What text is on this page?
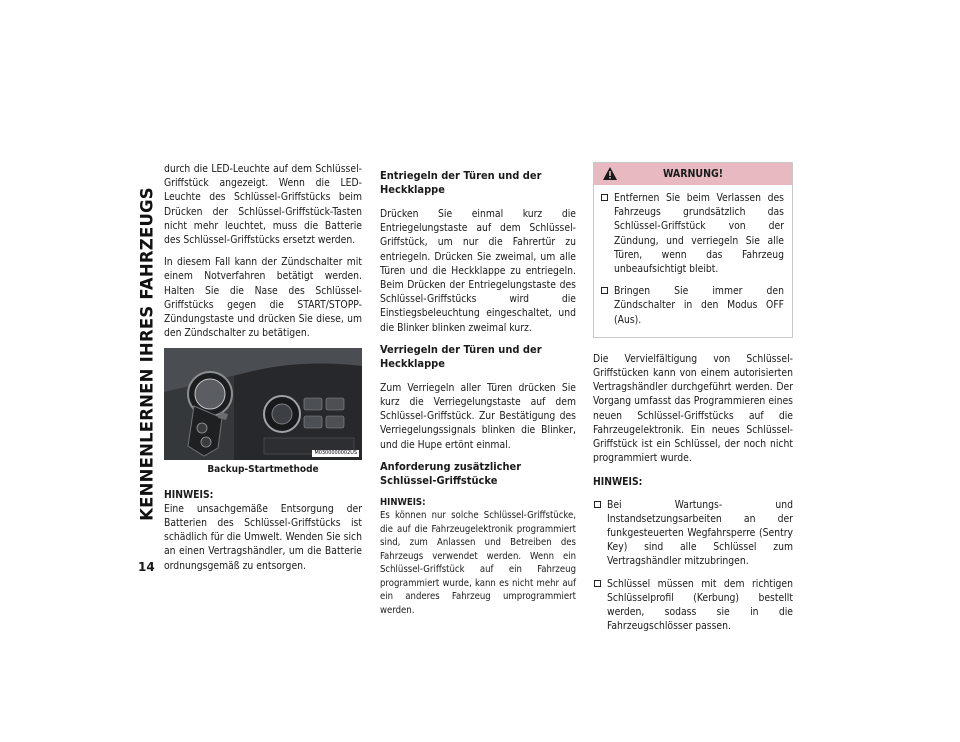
KENNENLERNEN IHRES FAHRZEUGS
14

durch die LED-Leuchte auf dem Schlüssel-Griffstück angezeigt. Wenn die LED-Leuchte des Schlüssel-Griffstücks beim Drücken der Schlüssel-Griffstück-Tasten nicht mehr leuchtet, muss die Batterie des Schlüssel-Griffstücks ersetzt werden.

In diesem Fall kann der Zündschalter mit einem Notverfahren betätigt werden. Halten Sie die Nase des Schlüssel-Griffstücks gegen die START/STOPP-Zündungstaste und drücken Sie diese, um den Zündschalter zu betätigen.

M0300000002US
Backup-Startmethode
HINWEIS:

Eine unsachgemäße Entsorgung der Batterien des Schlüssel-Griffstücks ist schädlich für die Umwelt. Wenden Sie sich an einen Vertragshändler, um die Batterie ordnungsgemäß zu entsorgen.

Entriegeln der Türen und der Heckklappe

Drücken Sie einmal kurz die Entriegelungstaste auf dem Schlüssel-Griffstück, um nur die Fahrertür zu entriegeln. Drücken Sie zweimal, um alle Türen und die Heckklappe zu entriegeln. Beim Drücken der Entriegelungstaste des Schlüssel-Griffstücks wird die Einstiegsbeleuchtung eingeschaltet, und die Blinker blinken zweimal kurz.

Verriegeln der Türen und der Heckklappe

Zum Verriegeln aller Türen drücken Sie kurz die Verriegelungstaste auf dem Schlüssel-Griffstück. Zur Bestätigung des Verriegelungssignals blinken die Blinker, und die Hupe ertönt einmal.

Anforderung zusätzlicher
Schlüssel-Griffstücke
HINWEIS:

Es können nur solche Schlüssel-Griffstücke, die auf die Fahrzeugelektronik programmiert sind, zum Anlassen und Betreiben des Fahrzeugs verwendet werden. Wenn ein Schlüssel-Griffstück auf ein Fahrzeug programmiert wurde, kann es nicht mehr auf ein anderes Fahrzeug umprogrammiert werden.

WARNUNG!
Entfernen Sie beim Verlassen des Fahrzeugs grundsätzlich das Schlüssel-Griffstück von der Zündung, und verriegeln Sie alle Türen, wenn das Fahrzeug unbeaufsichtigt bleibt.
Bringen Sie immer den Zündschalter in den Modus OFF (Aus).

Die Vervielfältigung von Schlüssel-Griffstücken kann von einem autorisierten Vertragshändler durchgeführt werden. Der Vorgang umfasst das Programmieren eines neuen Schlüssel-Griffstücks auf die Fahrzeugelektronik. Ein neues Schlüssel-Griffstück ist ein Schlüssel, der noch nicht programmiert wurde.

HINWEIS:
Bei Wartungs- und Instandsetzungsarbeiten an der funkgesteuerten Wegfahrsperre (Sentry Key) sind alle Schlüssel zum Vertragshändler mitzubringen.
Schlüssel müssen mit dem richtigen Schlüsselprofil (Kerbung) bestellt werden, sodass sie in die Fahrzeugschlösser passen.
